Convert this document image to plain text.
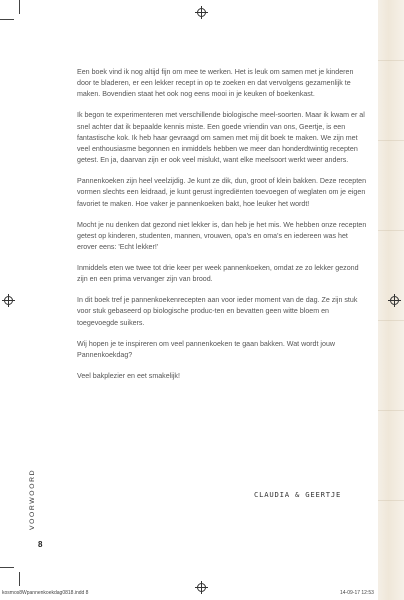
Een boek vind ik nog altijd fijn om mee te werken. Het is leuk om samen met je kinderen door te bladeren, er een lekker recept in op te zoeken en dat vervolgens gezamenlijk te maken. Bovendien staat het ook nog eens mooi in je keuken of boekenkast.

Ik begon te experimenteren met verschillende biologische meel-soorten. Maar ik kwam er al snel achter dat ik bepaalde kennis miste. Een goede vriendin van ons, Geertje, is een fantastische kok. Ik heb haar gevraagd om samen met mij dit boek te maken. We zijn met veel enthousiasme begonnen en inmiddels hebben we meer dan honderdtwintig recepten getest. En ja, daarvan zijn er ook veel mislukt, want elke meelsoort werkt weer anders.

Pannenkoeken zijn heel veelzijdig. Je kunt ze dik, dun, groot of klein bakken. Deze recepten vormen slechts een leidraad, je kunt gerust ingrediënten toevoegen of weglaten om je eigen favoriet te maken. Hoe vaker je pannenkoeken bakt, hoe leuker het wordt!

Mocht je nu denken dat gezond niet lekker is, dan heb je het mis. We hebben onze recepten getest op kinderen, studenten, mannen, vrouwen, opa's en oma's en iedereen was het erover eens: 'Echt lekker!'

Inmiddels eten we twee tot drie keer per week pannenkoeken, omdat ze zo lekker gezond zijn en een prima vervanger zijn van brood.

In dit boek tref je pannenkoekenrecepten aan voor ieder moment van de dag. Ze zijn stuk voor stuk gebaseerd op biologische produc-ten en bevatten geen witte bloem en toegevoegde suikers.

Wij hopen je te inspireren om veel pannenkoeken te gaan bakken. Wat wordt jouw Pannenkoekdag?

Veel bakplezier en eet smakelijk!

CLAUDIA & GEERTJE
VOORWOORD
8
kosmos8Wpannenkoekdag0818.indd 8	14-09-17 12:53
